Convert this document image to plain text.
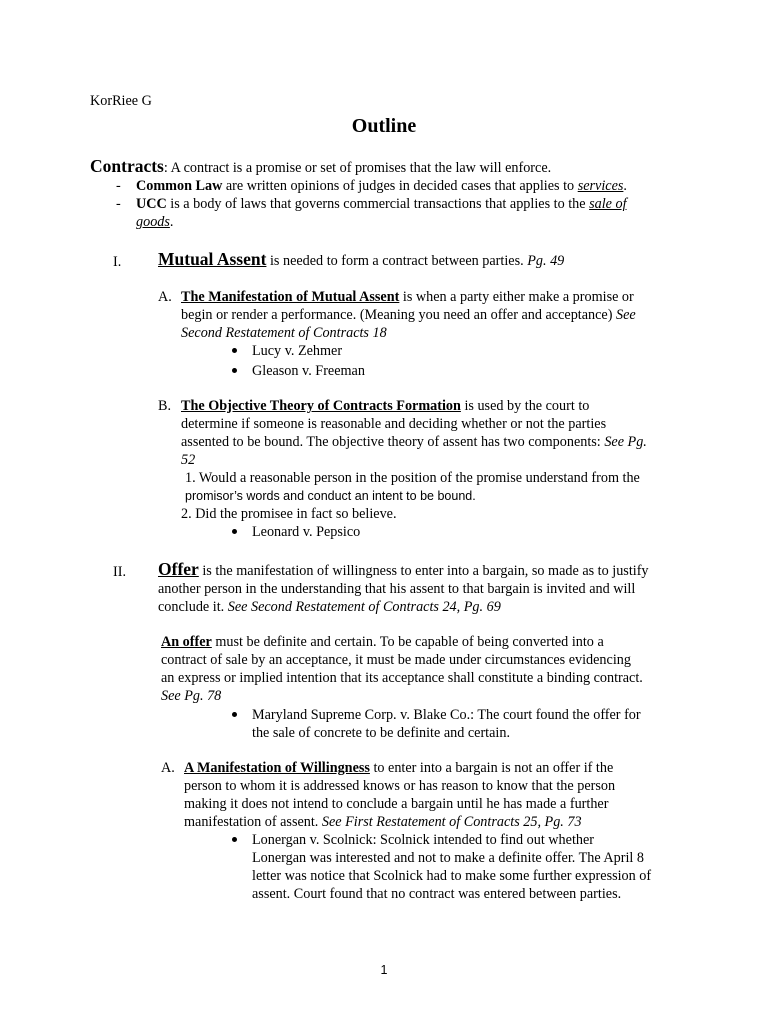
KorRiee G
Outline
Contracts: A contract is a promise or set of promises that the law will enforce.
- Common Law are written opinions of judges in decided cases that applies to services.
- UCC is a body of laws that governs commercial transactions that applies to the sale of
goods.
I. Mutual Assent is needed to form a contract between parties. Pg. 49
A. The Manifestation of Mutual Assent is when a party either make a promise or
begin or render a performance. (Meaning you need an offer and acceptance) See
Second Restatement of Contracts 18
Lucy v. Zehmer
Gleason v. Freeman
B. The Objective Theory of Contracts Formation is used by the court to
determine if someone is reasonable and deciding whether or not the parties
assented to be bound. The objective theory of assent has two components: See Pg.
52
1. Would a reasonable person in the position of the promise understand from the
promisor’s words and conduct an intent to be bound.
2. Did the promisee in fact so believe.
Leonard v. Pepsico
II. Offer is the manifestation of willingness to enter into a bargain, so made as to justify
another person in the understanding that his assent to that bargain is invited and will
conclude it. See Second Restatement of Contracts 24, Pg. 69
An offer must be definite and certain. To be capable of being converted into a
contract of sale by an acceptance, it must be made under circumstances evidencing
an express or implied intention that its acceptance shall constitute a binding contract.
See Pg. 78
Maryland Supreme Corp. v. Blake Co.: The court found the offer for
the sale of concrete to be definite and certain.
A. A Manifestation of Willingness to enter into a bargain is not an offer if the
person to whom it is addressed knows or has reason to know that the person
making it does not intend to conclude a bargain until he has made a further
manifestation of assent. See First Restatement of Contracts 25, Pg. 73
Lonergan v. Scolnick: Scolnick intended to find out whether
Lonergan was interested and not to make a definite offer. The April 8
letter was notice that Scolnick had to make some further expression of
assent. Court found that no contract was entered between parties.
1
